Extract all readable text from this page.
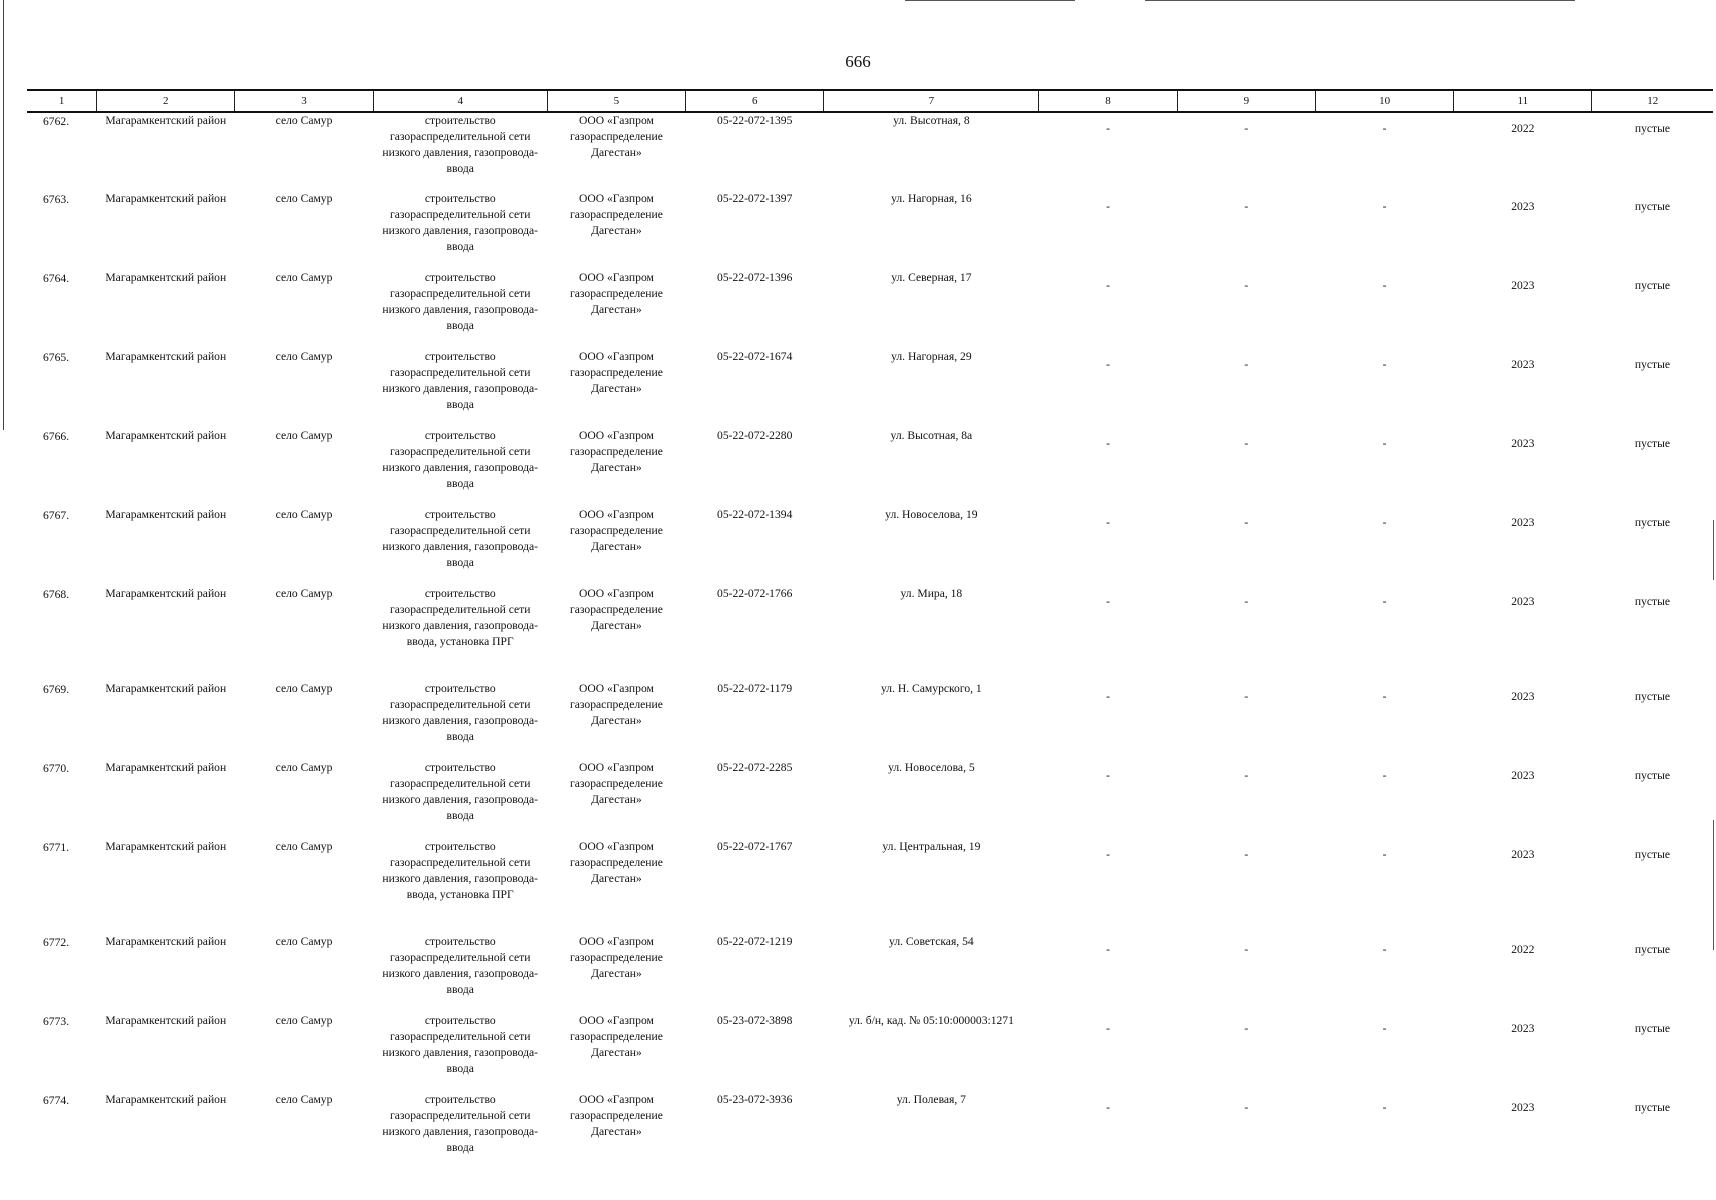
666
1	2	3	4	5	6	7	8	9	10	11	12
6762.	Магарамкентский район	село Самур	строительство газораспределительной сети низкого давления, газопровода-ввода	ООО «Газпром газораспределение Дагестан»	05-22-072-1395	ул. Высотная, 8	-	-	-	2022	пустые
6763.	Магарамкентский район	село Самур	строительство газораспределительной сети низкого давления, газопровода-ввода	ООО «Газпром газораспределение Дагестан»	05-22-072-1397	ул. Нагорная, 16	-	-	-	2023	пустые
6764.	Магарамкентский район	село Самур	строительство газораспределительной сети низкого давления, газопровода-ввода	ООО «Газпром газораспределение Дагестан»	05-22-072-1396	ул. Северная, 17	-	-	-	2023	пустые
6765.	Магарамкентский район	село Самур	строительство газораспределительной сети низкого давления, газопровода-ввода	ООО «Газпром газораспределение Дагестан»	05-22-072-1674	ул. Нагорная, 29	-	-	-	2023	пустые
6766.	Магарамкентский район	село Самур	строительство газораспределительной сети низкого давления, газопровода-ввода	ООО «Газпром газораспределение Дагестан»	05-22-072-2280	ул. Высотная, 8а	-	-	-	2023	пустые
6767.	Магарамкентский район	село Самур	строительство газораспределительной сети низкого давления, газопровода-ввода	ООО «Газпром газораспределение Дагестан»	05-22-072-1394	ул. Новоселова, 19	-	-	-	2023	пустые
6768.	Магарамкентский район	село Самур	строительство газораспределительной сети низкого давления, газопровода-ввода, установка ПРГ	ООО «Газпром газораспределение Дагестан»	05-22-072-1766	ул. Мира, 18	-	-	-	2023	пустые
6769.	Магарамкентский район	село Самур	строительство газораспределительной сети низкого давления, газопровода-ввода	ООО «Газпром газораспределение Дагестан»	05-22-072-1179	ул. Н. Самурского, 1	-	-	-	2023	пустые
6770.	Магарамкентский район	село Самур	строительство газораспределительной сети низкого давления, газопровода-ввода	ООО «Газпром газораспределение Дагестан»	05-22-072-2285	ул. Новоселова, 5	-	-	-	2023	пустые
6771.	Магарамкентский район	село Самур	строительство газораспределительной сети низкого давления, газопровода-ввода, установка ПРГ	ООО «Газпром газораспределение Дагестан»	05-22-072-1767	ул. Центральная, 19	-	-	-	2023	пустые
6772.	Магарамкентский район	село Самур	строительство газораспределительной сети низкого давления, газопровода-ввода	ООО «Газпром газораспределение Дагестан»	05-22-072-1219	ул. Советская, 54	-	-	-	2022	пустые
6773.	Магарамкентский район	село Самур	строительство газораспределительной сети низкого давления, газопровода-ввода	ООО «Газпром газораспределение Дагестан»	05-23-072-3898	ул. б/н, кад. № 05:10:000003:1271	-	-	-	2023	пустые
6774.	Магарамкентский район	село Самур	строительство газораспределительной сети низкого давления, газопровода-ввода	ООО «Газпром газораспределение Дагестан»	05-23-072-3936	ул. Полевая, 7	-	-	-	2023	пустые
